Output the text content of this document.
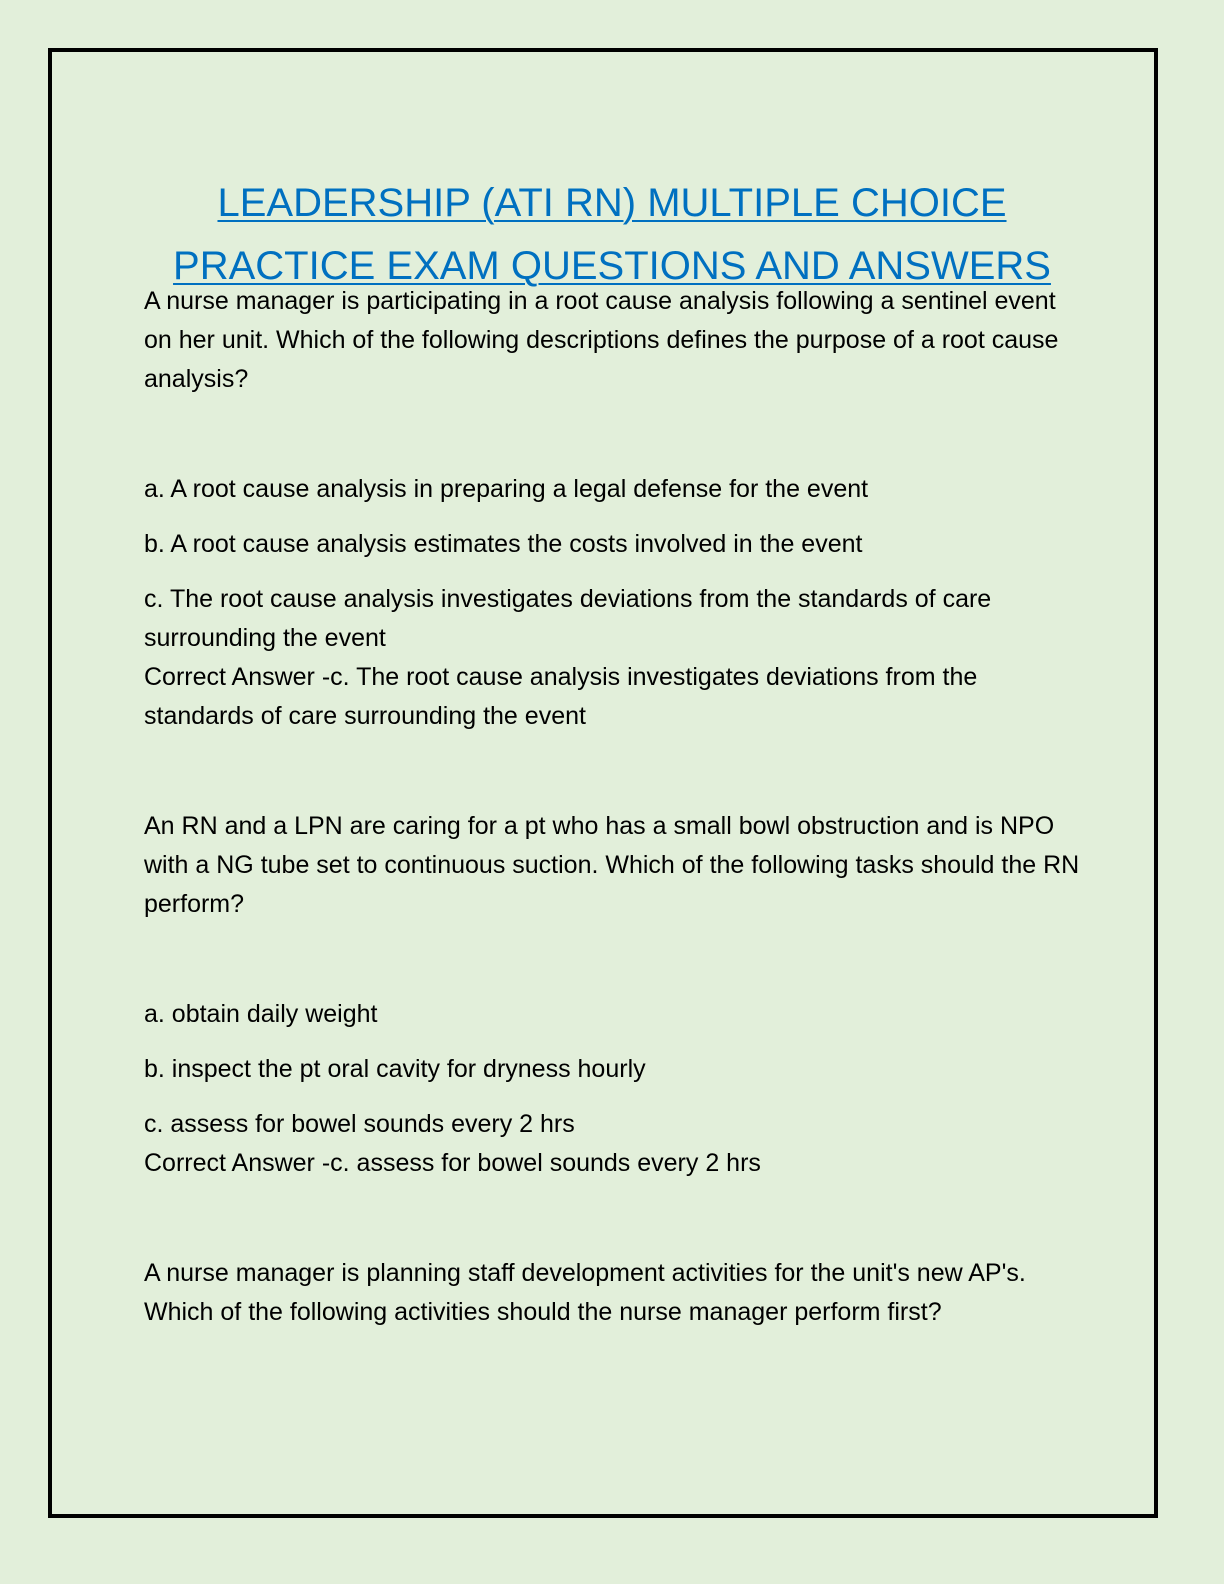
LEADERSHIP (ATI RN) MULTIPLE CHOICE
PRACTICE EXAM QUESTIONS AND ANSWERS

A nurse manager is participating in a root cause analysis following a sentinel event on her unit. Which of the following descriptions defines the purpose of a root cause analysis?

a. A root cause analysis in preparing a legal defense for the event

b. A root cause analysis estimates the costs involved in the event

c. The root cause analysis investigates deviations from the standards of care surrounding the event

Correct Answer -c. The root cause analysis investigates deviations from the standards of care surrounding the event

An RN and a LPN are caring for a pt who has a small bowl obstruction and is NPO with a NG tube set to continuous suction. Which of the following tasks should the RN perform?

a. obtain daily weight

b. inspect the pt oral cavity for dryness hourly

c. assess for bowel sounds every 2 hrs

Correct Answer -c. assess for bowel sounds every 2 hrs

A nurse manager is planning staff development activities for the unit's new AP's. Which of the following activities should the nurse manager perform first?
